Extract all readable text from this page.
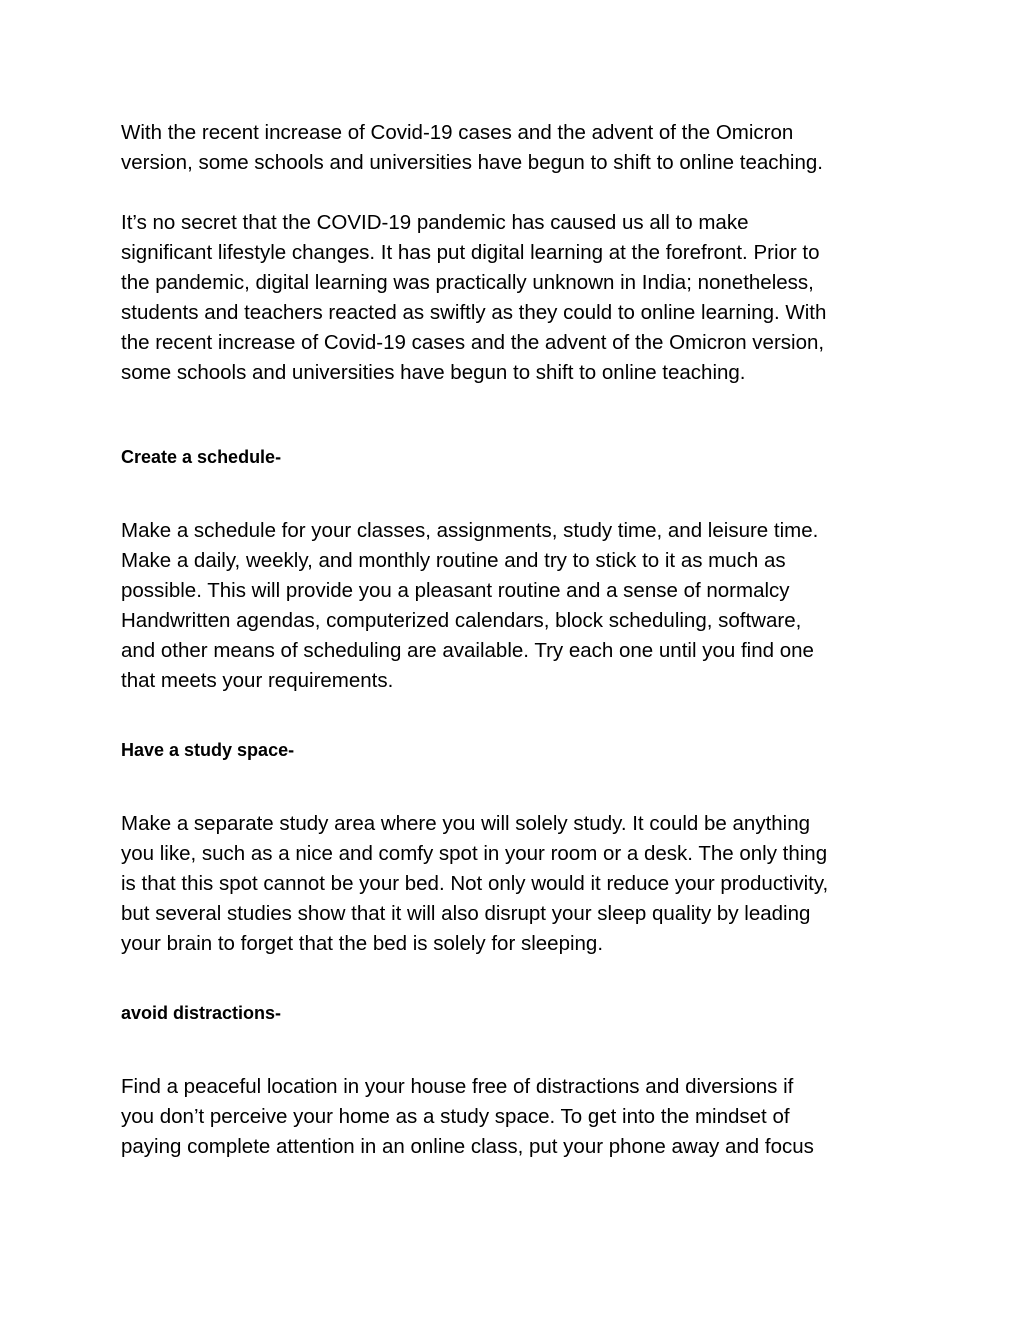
With the recent increase of Covid-19 cases and the advent of the Omicron
version, some schools and universities have begun to shift to online teaching.

It’s no secret that the COVID-19 pandemic has caused us all to make
significant lifestyle changes. It has put digital learning at the forefront. Prior to
the pandemic, digital learning was practically unknown in India; nonetheless,
students and teachers reacted as swiftly as they could to online learning. With
the recent increase of Covid-19 cases and the advent of the Omicron version,
some schools and universities have begun to shift to online teaching.

Create a schedule-

Make a schedule for your classes, assignments, study time, and leisure time.
Make a daily, weekly, and monthly routine and try to stick to it as much as
possible. This will provide you a pleasant routine and a sense of normalcy
Handwritten agendas, computerized calendars, block scheduling, software,
and other means of scheduling are available. Try each one until you find one
that meets your requirements.

Have a study space-

Make a separate study area where you will solely study. It could be anything
you like, such as a nice and comfy spot in your room or a desk. The only thing
is that this spot cannot be your bed. Not only would it reduce your productivity,
but several studies show that it will also disrupt your sleep quality by leading
your brain to forget that the bed is solely for sleeping.

avoid distractions-

Find a peaceful location in your house free of distractions and diversions if
you don’t perceive your home as a study space. To get into the mindset of
paying complete attention in an online class, put your phone away and focus
